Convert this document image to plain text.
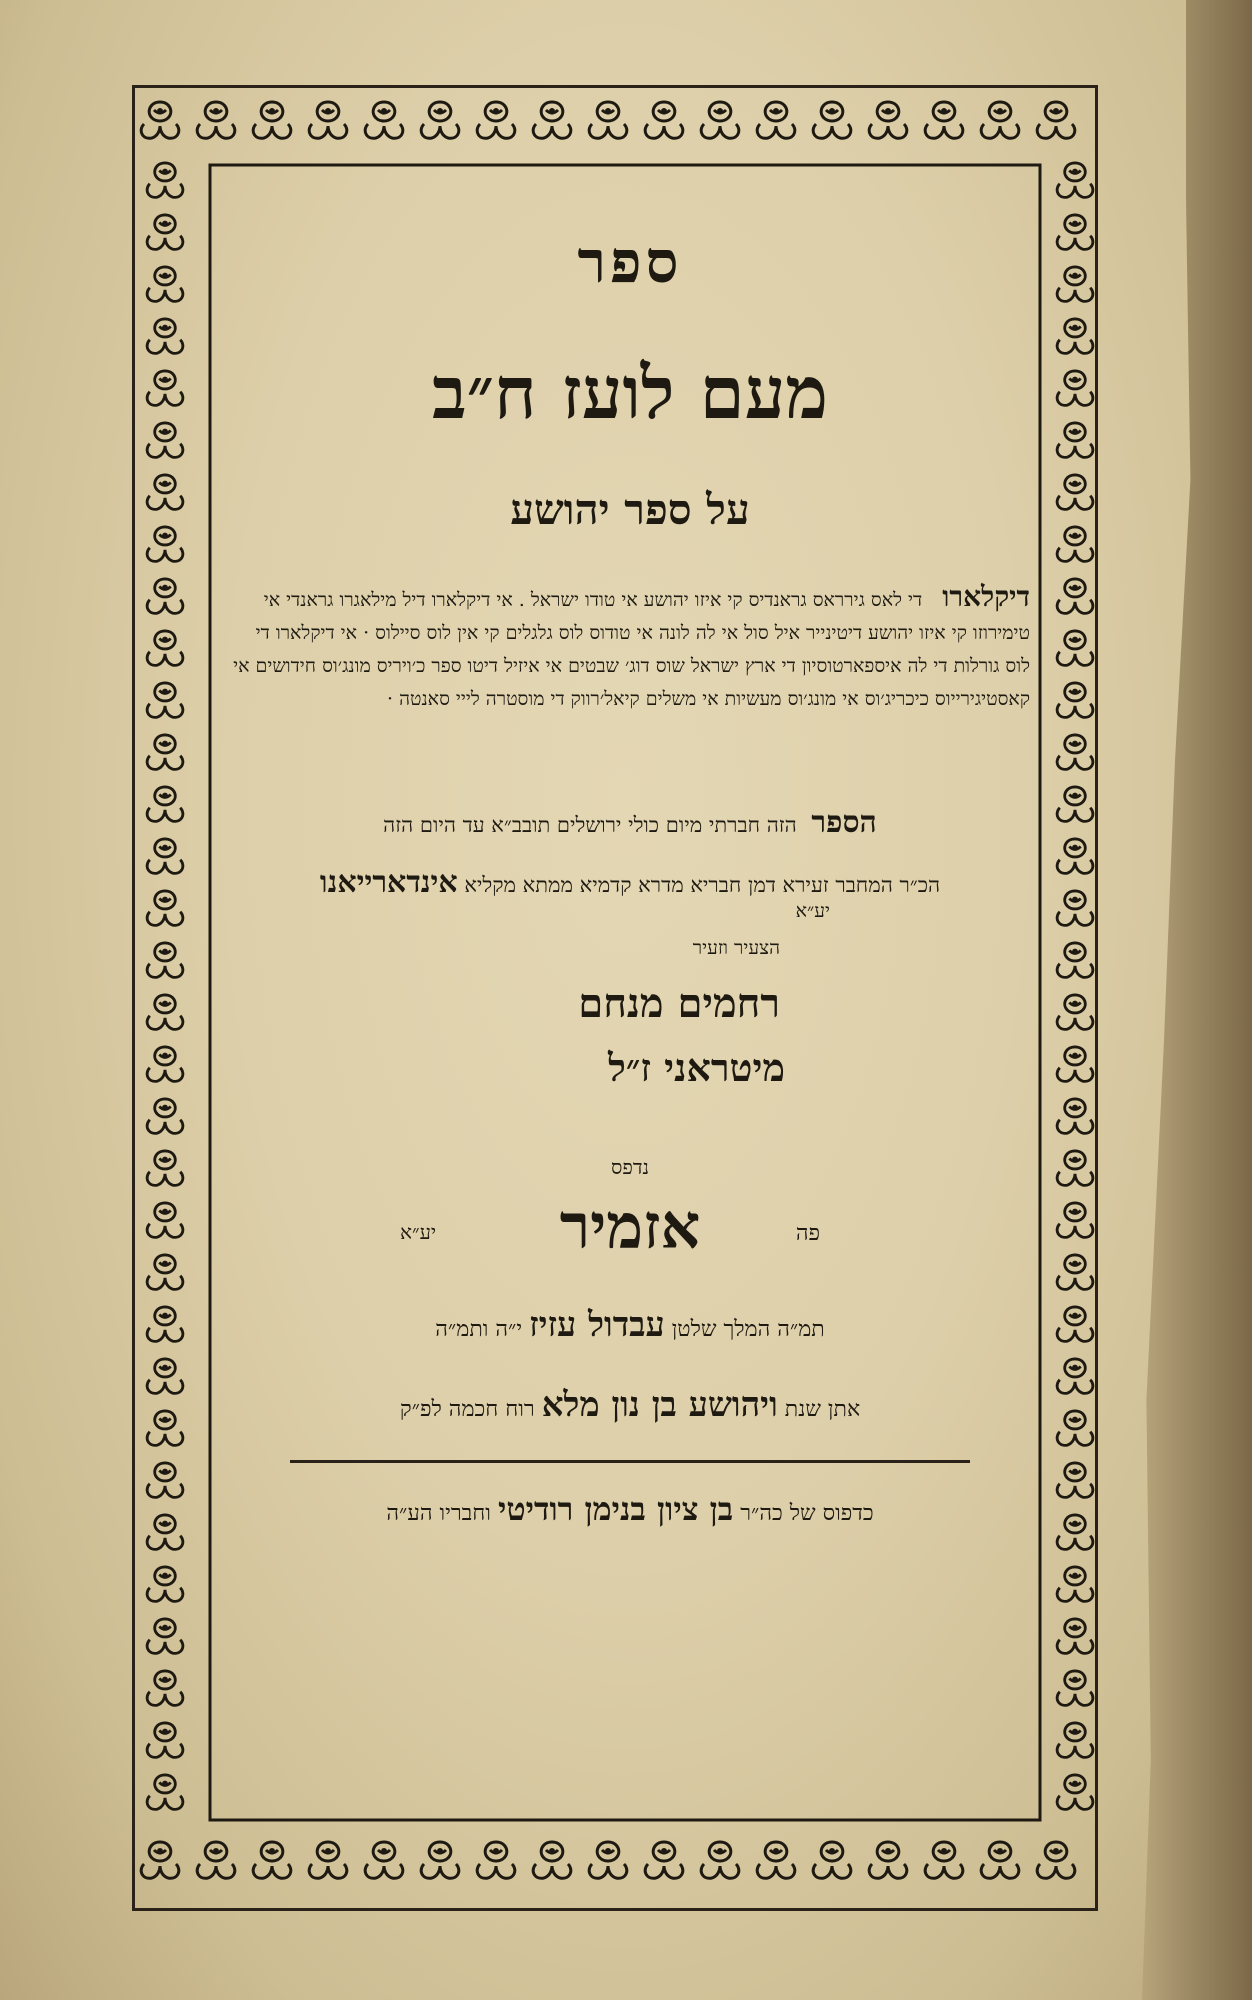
ספר
מעם לועז ח״ב
על ספר יהושע
דיקלארו די לאס גירראס גראנדיס קי איזו יהושע אי טודו ישראל . אי דיקלארו דיל מילאגרו גראנדי אי טימירוזו קי איזו יהושע דיטינייר איל סול אי לה לונה אי טודוס לוס גלגלים קי אין לוס סיילוס · אי דיקלארו די לוס גורלות די לה איספארטוסיון די ארץ ישראל שוס דוג׳ שבטים אי איזיל דיטו ספר כ׳ויריס מונג׳וס חידושים אי קאסטיגירייוס כיכריג׳וס אי מונג׳וס מעשיות אי משלים קיאל׳רווק די מוסטרה לייי סאנטה ·
הספר הזה חברתי מיום כולי ירושלים תובב״א עד היום הזה
הכ״ר המחבר זעירא דמן חבריא מדרא קדמיא ממתא מקליא אינדארייאנו
יע״א
הצעיר וזעיר
רחמים מנחם
מיטראני ז״ל
נדפס
פה
אזמיר
יע״א
תמ״ה המלך שלטן עבדול עזיז י״ה ותמ״ה
אתן שנת ויהושע בן נון מלא רוח חכמה לפ״ק
כדפוס של כה״ר בן ציון בנימן רודיטי וחבריו הע״ה
